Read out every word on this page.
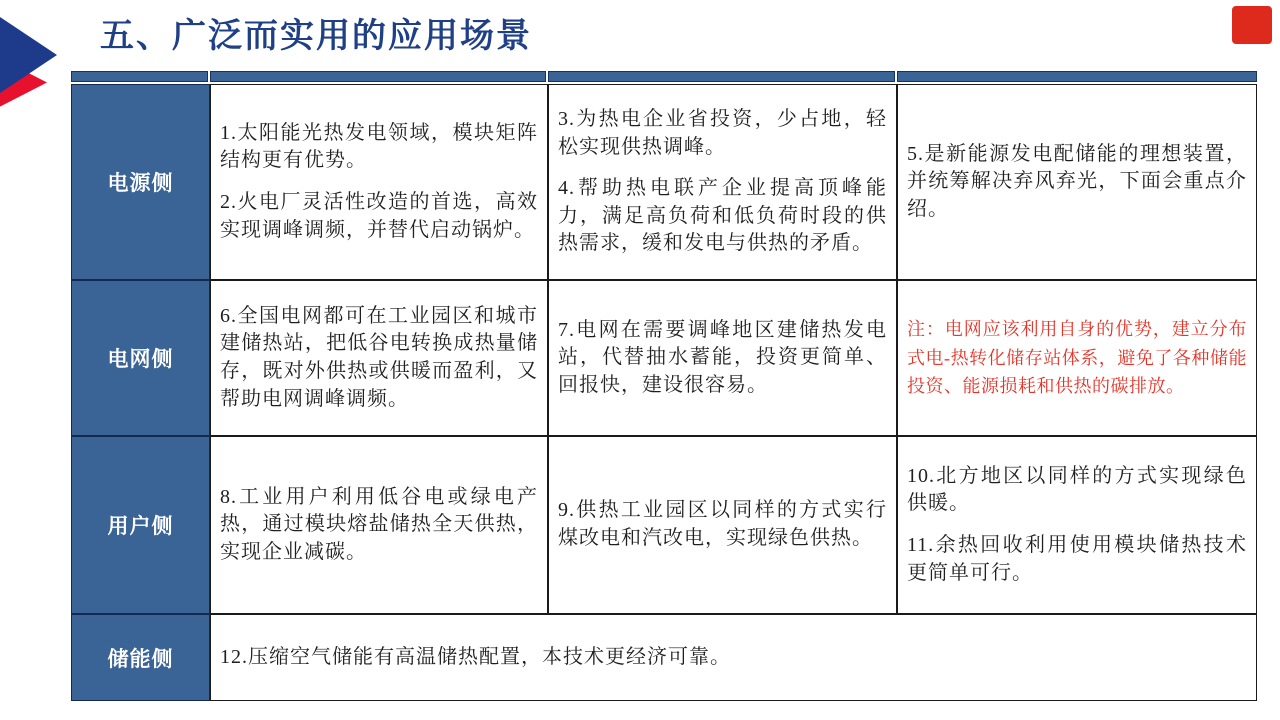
五、广泛而实用的应用场景
电源侧

1.太阳能光热发电领域，模块矩阵结构更有优势。

2.火电厂灵活性改造的首选，高效实现调峰调频，并替代启动锅炉。

3.为热电企业省投资，少占地，轻松实现供热调峰。

4.帮助热电联产企业提高顶峰能力，满足高负荷和低负荷时段的供热需求，缓和发电与供热的矛盾。

5.是新能源发电配储能的理想装置，并统筹解决弃风弃光，下面会重点介绍。

电网侧

6.全国电网都可在工业园区和城市建储热站，把低谷电转换成热量储存，既对外供热或供暖而盈利，又帮助电网调峰调频。

7.电网在需要调峰地区建储热发电站，代替抽水蓄能，投资更简单、回报快，建设很容易。

注：电网应该利用自身的优势，建立分布式电-热转化储存站体系，避免了各种储能投资、能源损耗和供热的碳排放。

用户侧

8.工业用户利用低谷电或绿电产热，通过模块熔盐储热全天供热，实现企业减碳。

9.供热工业园区以同样的方式实行煤改电和汽改电，实现绿色供热。

10.北方地区以同样的方式实现绿色供暖。

11.余热回收利用使用模块储热技术更简单可行。

储能侧	12.压缩空气储能有高温储热配置，本技术更经济可靠。
